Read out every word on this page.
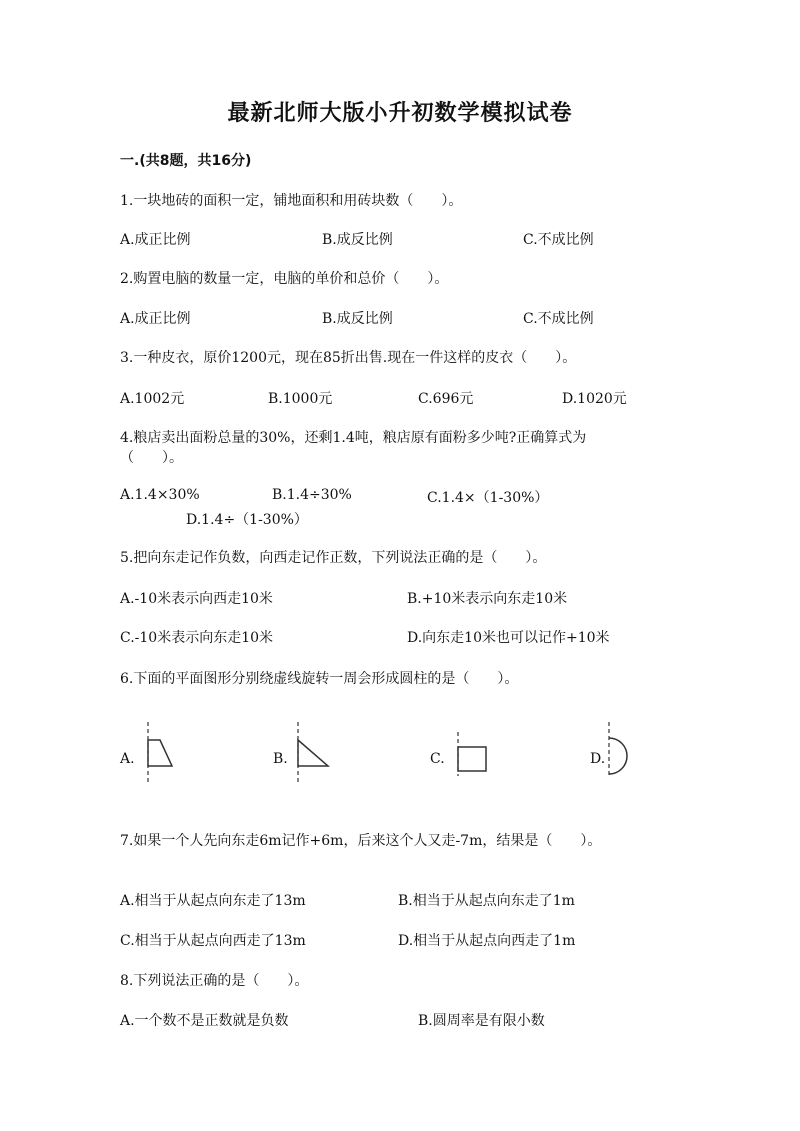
最新北师大版小升初数学模拟试卷
一.(共8题，共16分)
1.一块地砖的面积一定，铺地面积和用砖块数（　　）。
A.成正比例	B.成反比例	C.不成比例
2.购置电脑的数量一定，电脑的单价和总价（　　）。
A.成正比例	B.成反比例	C.不成比例
3.一种皮衣，原价1200元，现在85折出售.现在一件这样的皮衣（　　）。
A.1002元	B.1000元	C.696元	D.1020元
4.粮店卖出面粉总量的30%，还剩1.4吨，粮店原有面粉多少吨?正确算式为
（　　）。
A.1.4×30%	B.1.4÷30%	C.1.4×（1-30%）
D.1.4÷（1-30%）
5.把向东走记作负数，向西走记作正数，下列说法正确的是（　　）。
A.-10米表示向西走10米	B.+10米表示向东走10米
C.-10米表示向东走10米	D.向东走10米也可以记作+10米
6.下面的平面图形分别绕虚线旋转一周会形成圆柱的是（　　）。
A.	B.	C.	D.
7.如果一个人先向东走6m记作+6m，后来这个人又走-7m，结果是（　　）。
A.相当于从起点向东走了13m	B.相当于从起点向东走了1m
C.相当于从起点向西走了13m	D.相当于从起点向西走了1m
8.下列说法正确的是（　　）。
A.一个数不是正数就是负数	B.圆周率是有限小数
